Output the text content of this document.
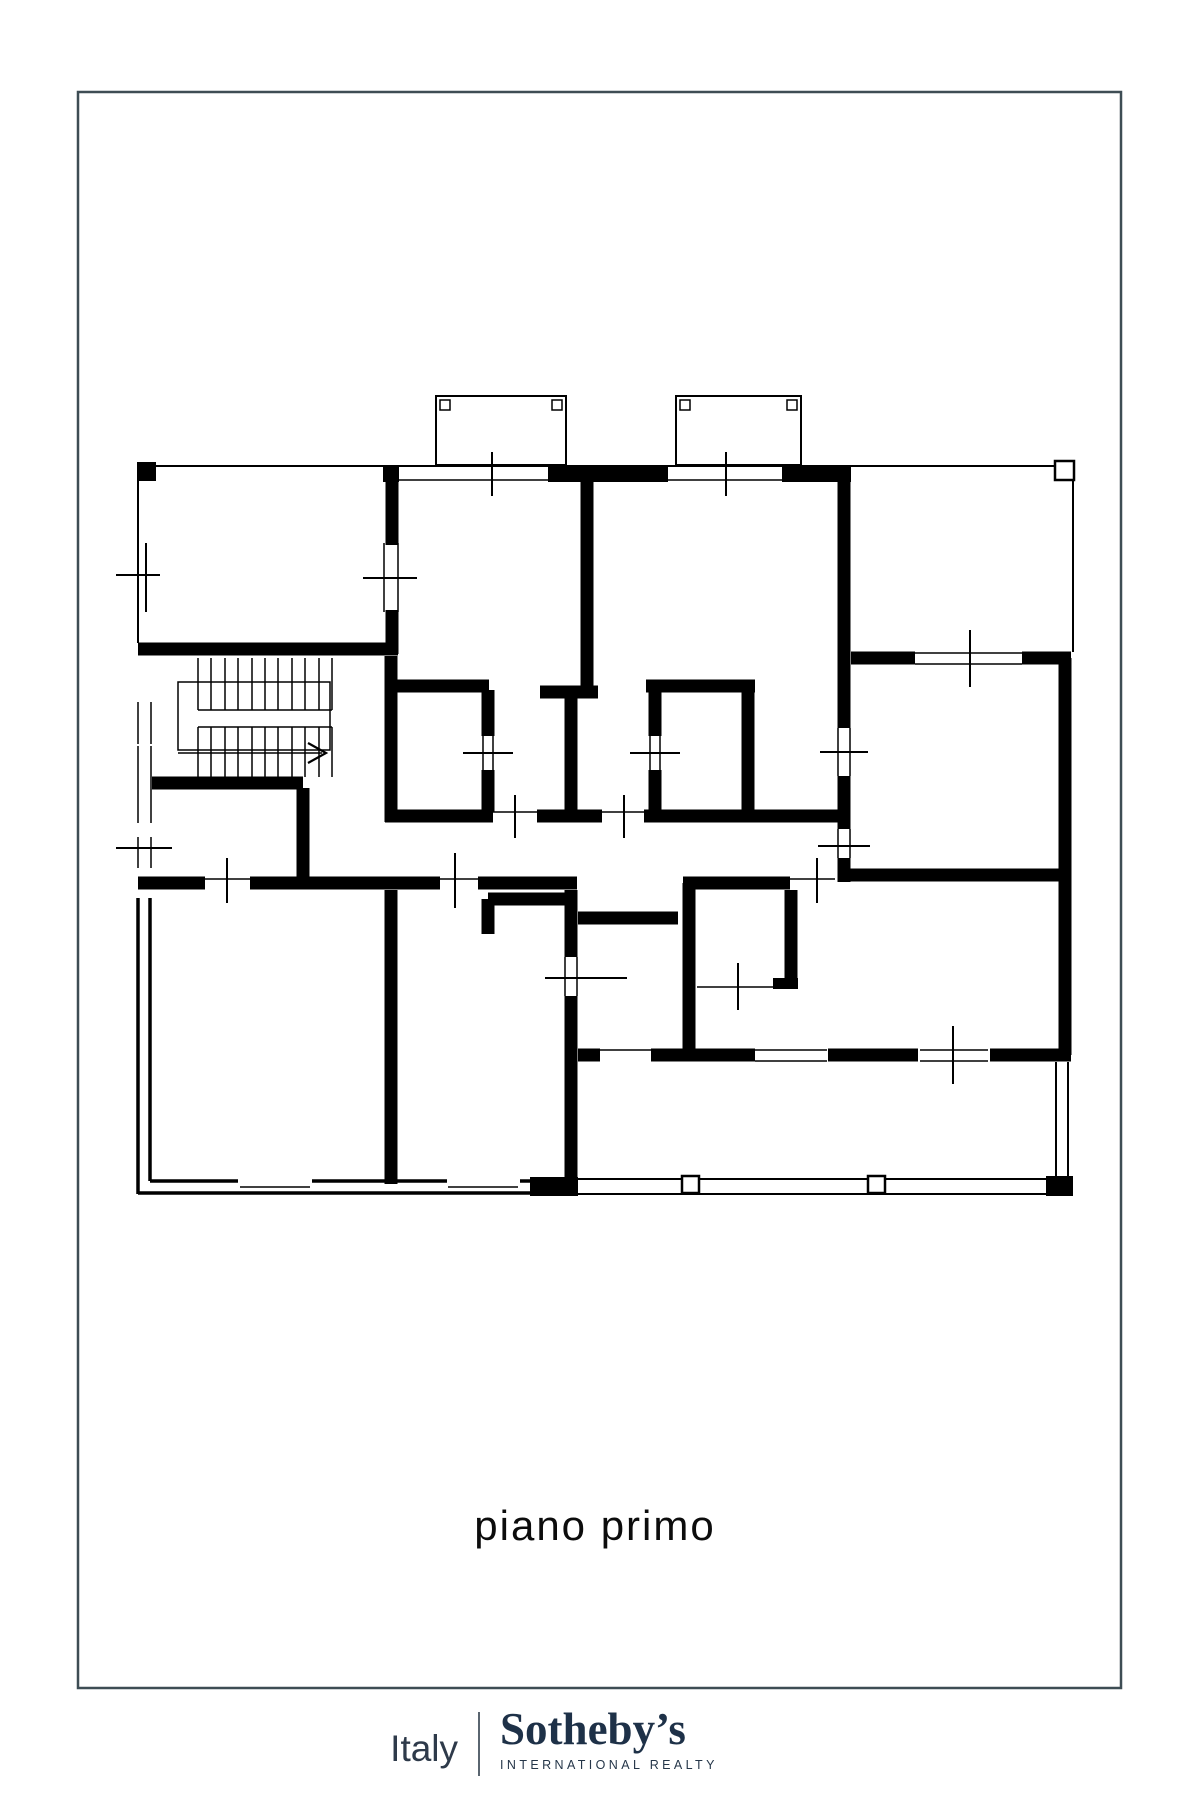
piano primo
Italy Sotheby’s
INTERNATIONAL REALTY
